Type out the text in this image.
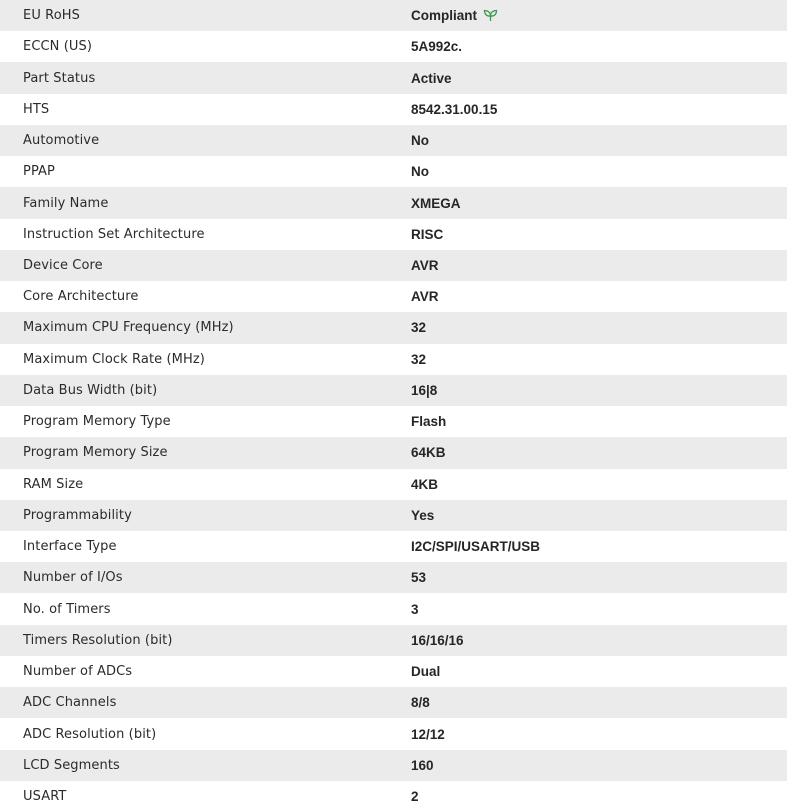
EU RoHS	Compliant
ECCN (US)	5A992c.
Part Status	Active
HTS	8542.31.00.15
Automotive	No
PPAP	No
Family Name	XMEGA
Instruction Set Architecture	RISC
Device Core	AVR
Core Architecture	AVR
Maximum CPU Frequency (MHz)	32
Maximum Clock Rate (MHz)	32
Data Bus Width (bit)	16|8
Program Memory Type	Flash
Program Memory Size	64KB
RAM Size	4KB
Programmability	Yes
Interface Type	I2C/SPI/USART/USB
Number of I/Os	53
No. of Timers	3
Timers Resolution (bit)	16/16/16
Number of ADCs	Dual
ADC Channels	8/8
ADC Resolution (bit)	12/12
LCD Segments	160
USART	2
